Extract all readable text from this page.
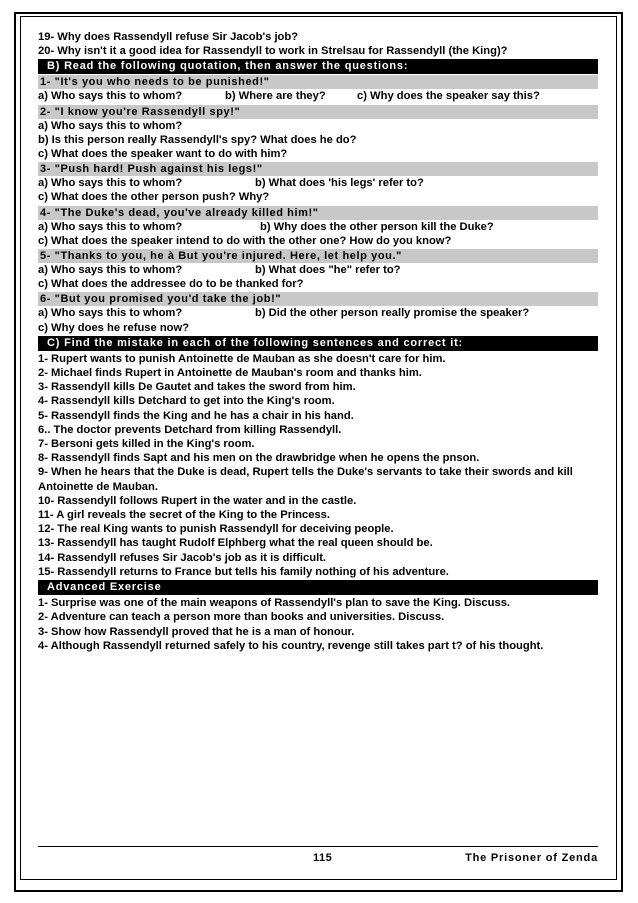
19- Why does Rassendyll refuse Sir Jacob's job?
20- Why isn't it a good idea for Rassendyll to work in Strelsau for Rassendyll (the King)?
B) Read the following quotation, then answer the questions:
1- "It's you who needs to be punished!"
a) Who says this to whom?	b) Where are they?	c) Why does the speaker say this?
2- "I know you're Rassendyll spy!"
a) Who says this to whom?
b) Is this person really Rassendyll's spy? What does he do?
c) What does the speaker want to do with him?
3- "Push hard! Push against his legs!"
a) Who says this to whom?	b) What does 'his legs' refer to?
c) What does the other person push? Why?
4- "The Duke's dead, you've already killed him!"
a) Who says this to whom?	b) Why does the other person kill the Duke?
c) What does the speaker intend to do with the other one? How do you know?
5- "Thanks to you, he à But you're injured. Here, let help you."
a) Who says this to whom?	b) What does "he" refer to?
c) What does the addressee do to be thanked for?
6- "But you promised you'd take the job!"
a) Who says this to whom?	b) Did the other person really promise the speaker?
c) Why does he refuse now?
C) Find the mistake in each of the following sentences and correct it:
1- Rupert wants to punish Antoinette de Mauban as she doesn't care for him.
2- Michael finds Rupert in Antoinette de Mauban's room and thanks him.
3- Rassendyll kills De Gautet and takes the sword from him.
4- Rassendyll kills Detchard to get into the King's room.
5- Rassendyll finds the King and he has a chair in his hand.
6.. The doctor prevents Detchard from killing Rassendyll.
7- Bersoni gets killed in the King's room.
8- Rassendyll finds Sapt and his men on the drawbridge when he opens the pnson.
9- When he hears that the Duke is dead, Rupert tells the Duke's servants to take their swords and kill Antoinette de Mauban.
10- Rassendyll follows Rupert in the water and in the castle.
11- A girl reveals the secret of the King to the Princess.
12- The real King wants to punish Rassendyll for deceiving people.
13- Rassendyll has taught Rudolf Elphberg what the real queen should be.
14- Rassendyll refuses Sir Jacob's job as it is difficult.
15- Rassendyll returns to France but tells his family nothing of his adventure.
Advanced Exercise
1- Surprise was one of the main weapons of Rassendyll's plan to save the King. Discuss.
2- Adventure can teach a person more than books and universities. Discuss.
3- Show how Rassendyll proved that he is a man of honour.
4- Although Rassendyll returned safely to his country, revenge still takes part t? of his thought.
115	The Prisoner of Zenda
